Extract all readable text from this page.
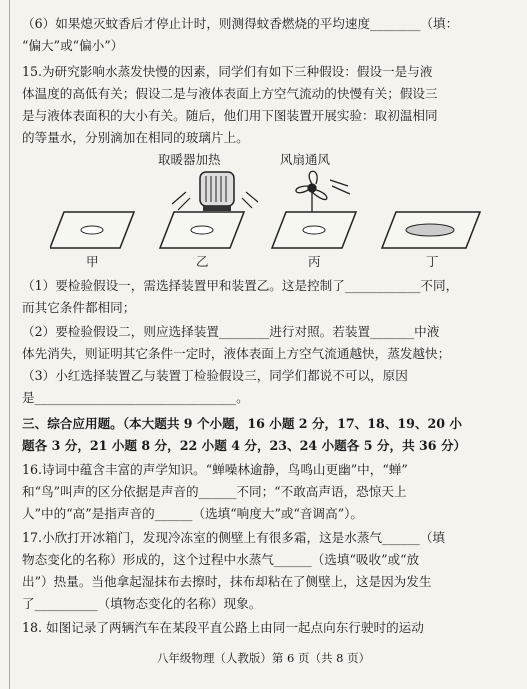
（6）如果熄灭蚊香后才停止计时，则测得蚊香燃烧的平均速度________（填：
“偏大”或“偏小”）
15.为研究影响水蒸发快慢的因素，同学们有如下三种假设：假设一是与液
体温度的高低有关；假设二是与液体表面上方空气流动的快慢有关；假设三
是与液体表面积的大小有关。随后，他们用下图装置开展实验：取初温相同
的等量水，分别滴加在相同的玻璃片上。
取暖器加热	风扇通风
甲	乙	丙	丁
（1）要检验假设一，需选择装置甲和装置乙。这是控制了____________不同，
而其它条件都相同；
（2）要检验假设二，则应选择装置________进行对照。若装置_______中液
体先消失，则证明其它条件一定时，液体表面上方空气流通越快，蒸发越快；
（3）小红选择装置乙与装置丁检验假设三，同学们都说不可以，原因
是________________________________。
三、综合应用题。（本大题共 9 个小题，16 小题 2 分，17、18、19、20 小
题各 3 分，21 小题 8 分，22 小题 4 分，23、24 小题各 5 分，共 36 分）
16.诗词中蕴含丰富的声学知识。“蝉噪林逾静，鸟鸣山更幽”中，“蝉”
和“鸟”叫声的区分依据是声音的______不同；“不敢高声语，恐惊天上
人”中的“高”是指声音的______（选填“响度大”或“音调高”）。
17.小欣打开冰箱门，发现冷冻室的侧壁上有很多霜，这是水蒸气______（填
物态变化的名称）形成的，这个过程中水蒸气______（选填“吸收”或“放
出”）热量。当他拿起湿抹布去擦时，抹布却粘在了侧壁上，这是因为发生
了__________（填物态变化的名称）现象。
18. 如图记录了两辆汽车在某段平直公路上由同一起点向东行驶时的运动
八年级物理（人教版）第 6 页（共 8 页）
